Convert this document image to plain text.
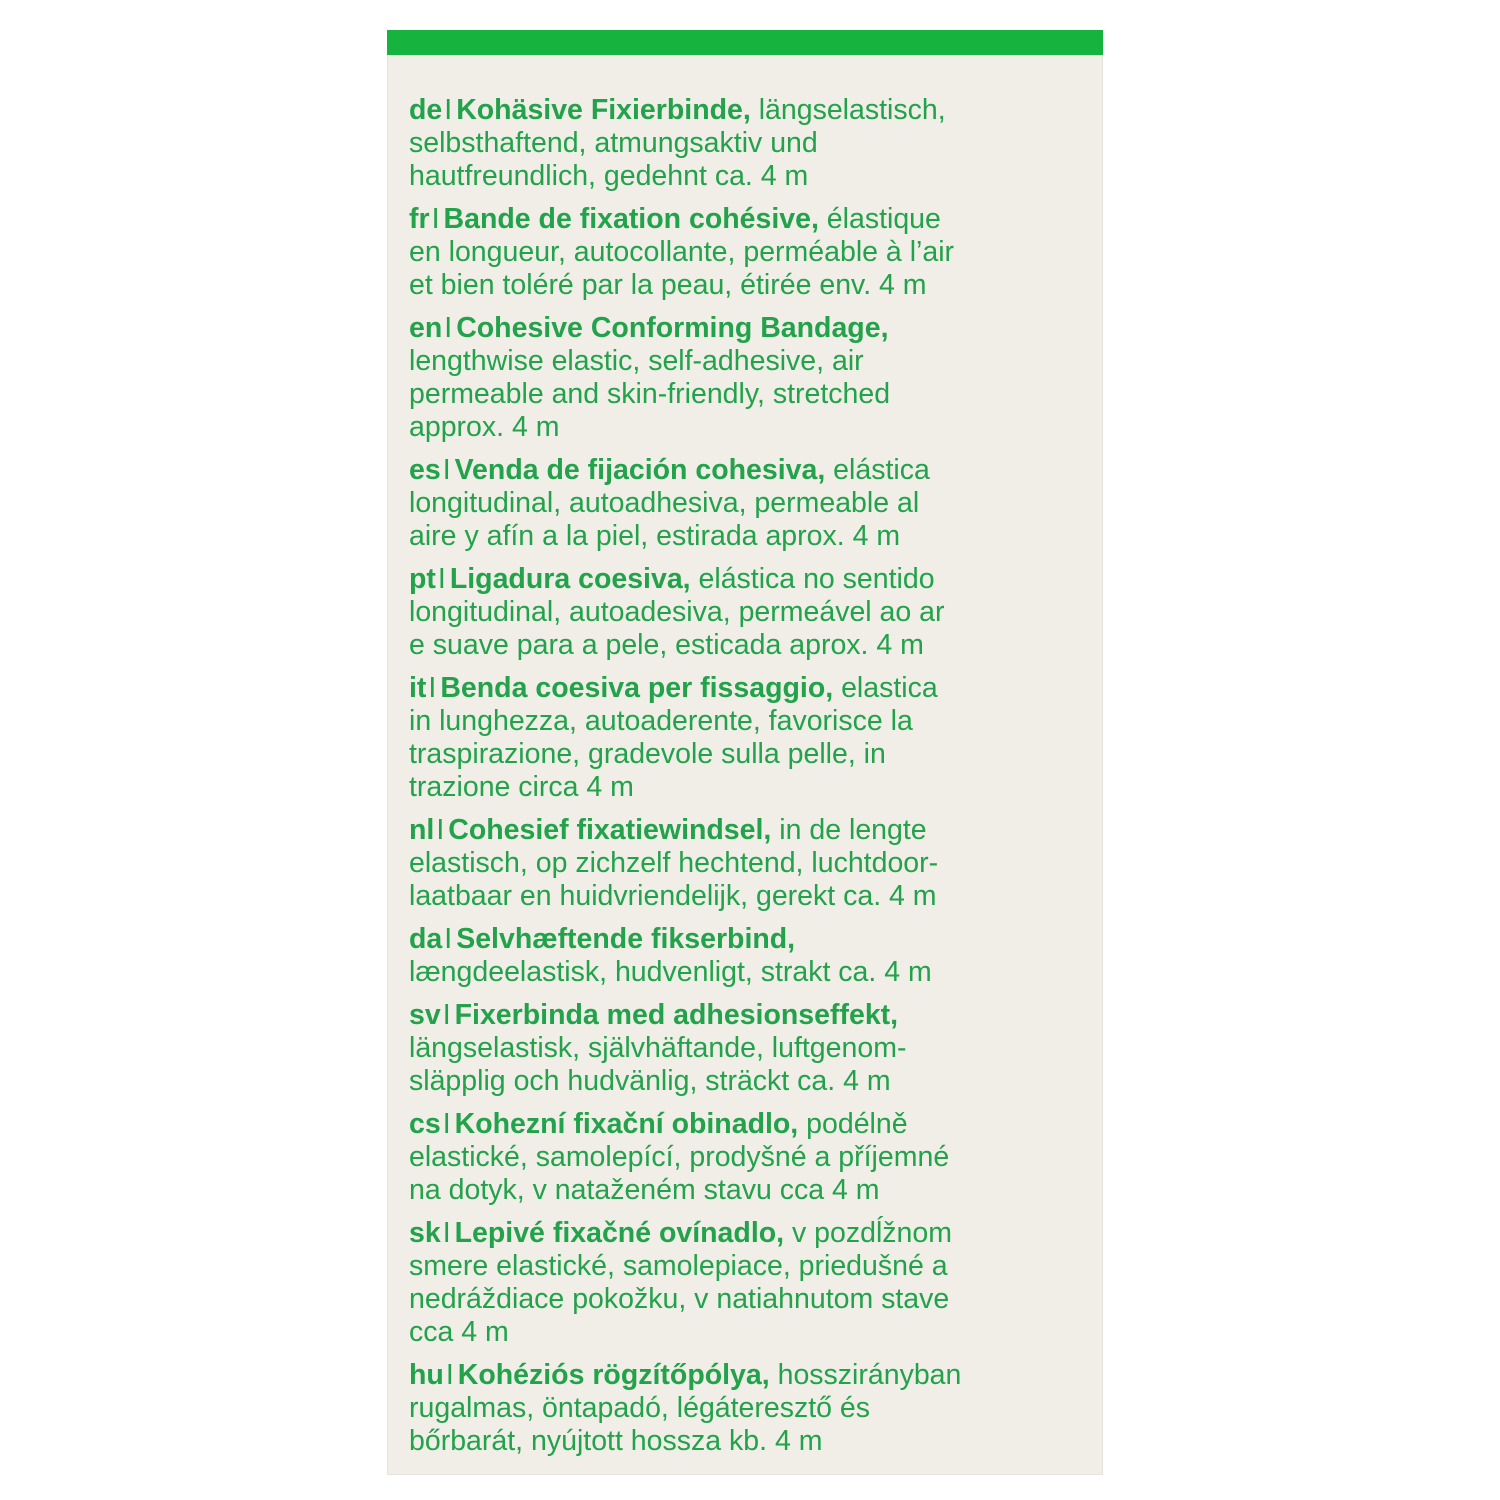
deI Kohäsive Fixierbinde, längselastisch,
selbsthaftend, atmungsaktiv und
hautfreundlich, gedehnt ca. 4 m
frI Bande de fixation cohésive, élastique
en longueur, autocollante, perméable à l’air
et bien toléré par la peau, étirée env. 4 m
enI Cohesive Conforming Bandage,
lengthwise elastic, self-adhesive, air
permeable and skin-friendly, stretched
approx. 4 m
esI Venda de fijación cohesiva, elástica
longitudinal, autoadhesiva, permeable al
aire y afín a la piel, estirada aprox. 4 m
ptI Ligadura coesiva, elástica no sentido
longitudinal, autoadesiva, permeável ao ar
e suave para a pele, esticada aprox. 4 m
itI Benda coesiva per fissaggio, elastica
in lunghezza, autoaderente, favorisce la
traspirazione, gradevole sulla pelle, in
trazione circa 4 m
nlI Cohesief fixatiewindsel, in de lengte
elastisch, op zichzelf hechtend, luchtdoor-
laatbaar en huidvriendelijk, gerekt ca. 4 m
daI Selvhæftende fikserbind,
længdeelastisk, hudvenligt, strakt ca. 4 m
svI Fixerbinda med adhesionseffekt,
längselastisk, självhäftande, luftgenom-
släpplig och hudvänlig, sträckt ca. 4 m
csI Kohezní fixační obinadlo, podélně
elastické, samolepící, prodyšné a příjemné
na dotyk, v nataženém stavu cca 4 m
skI Lepivé fixačné ovínadlo, v pozdĺžnom
smere elastické, samolepiace, priedušné a
nedráždiace pokožku, v natiahnutom stave
cca 4 m
huI Kohéziós rögzítőpólya, hosszirányban
rugalmas, öntapadó, légáteresztő és
bőrbarát, nyújtott hossza kb. 4 m
